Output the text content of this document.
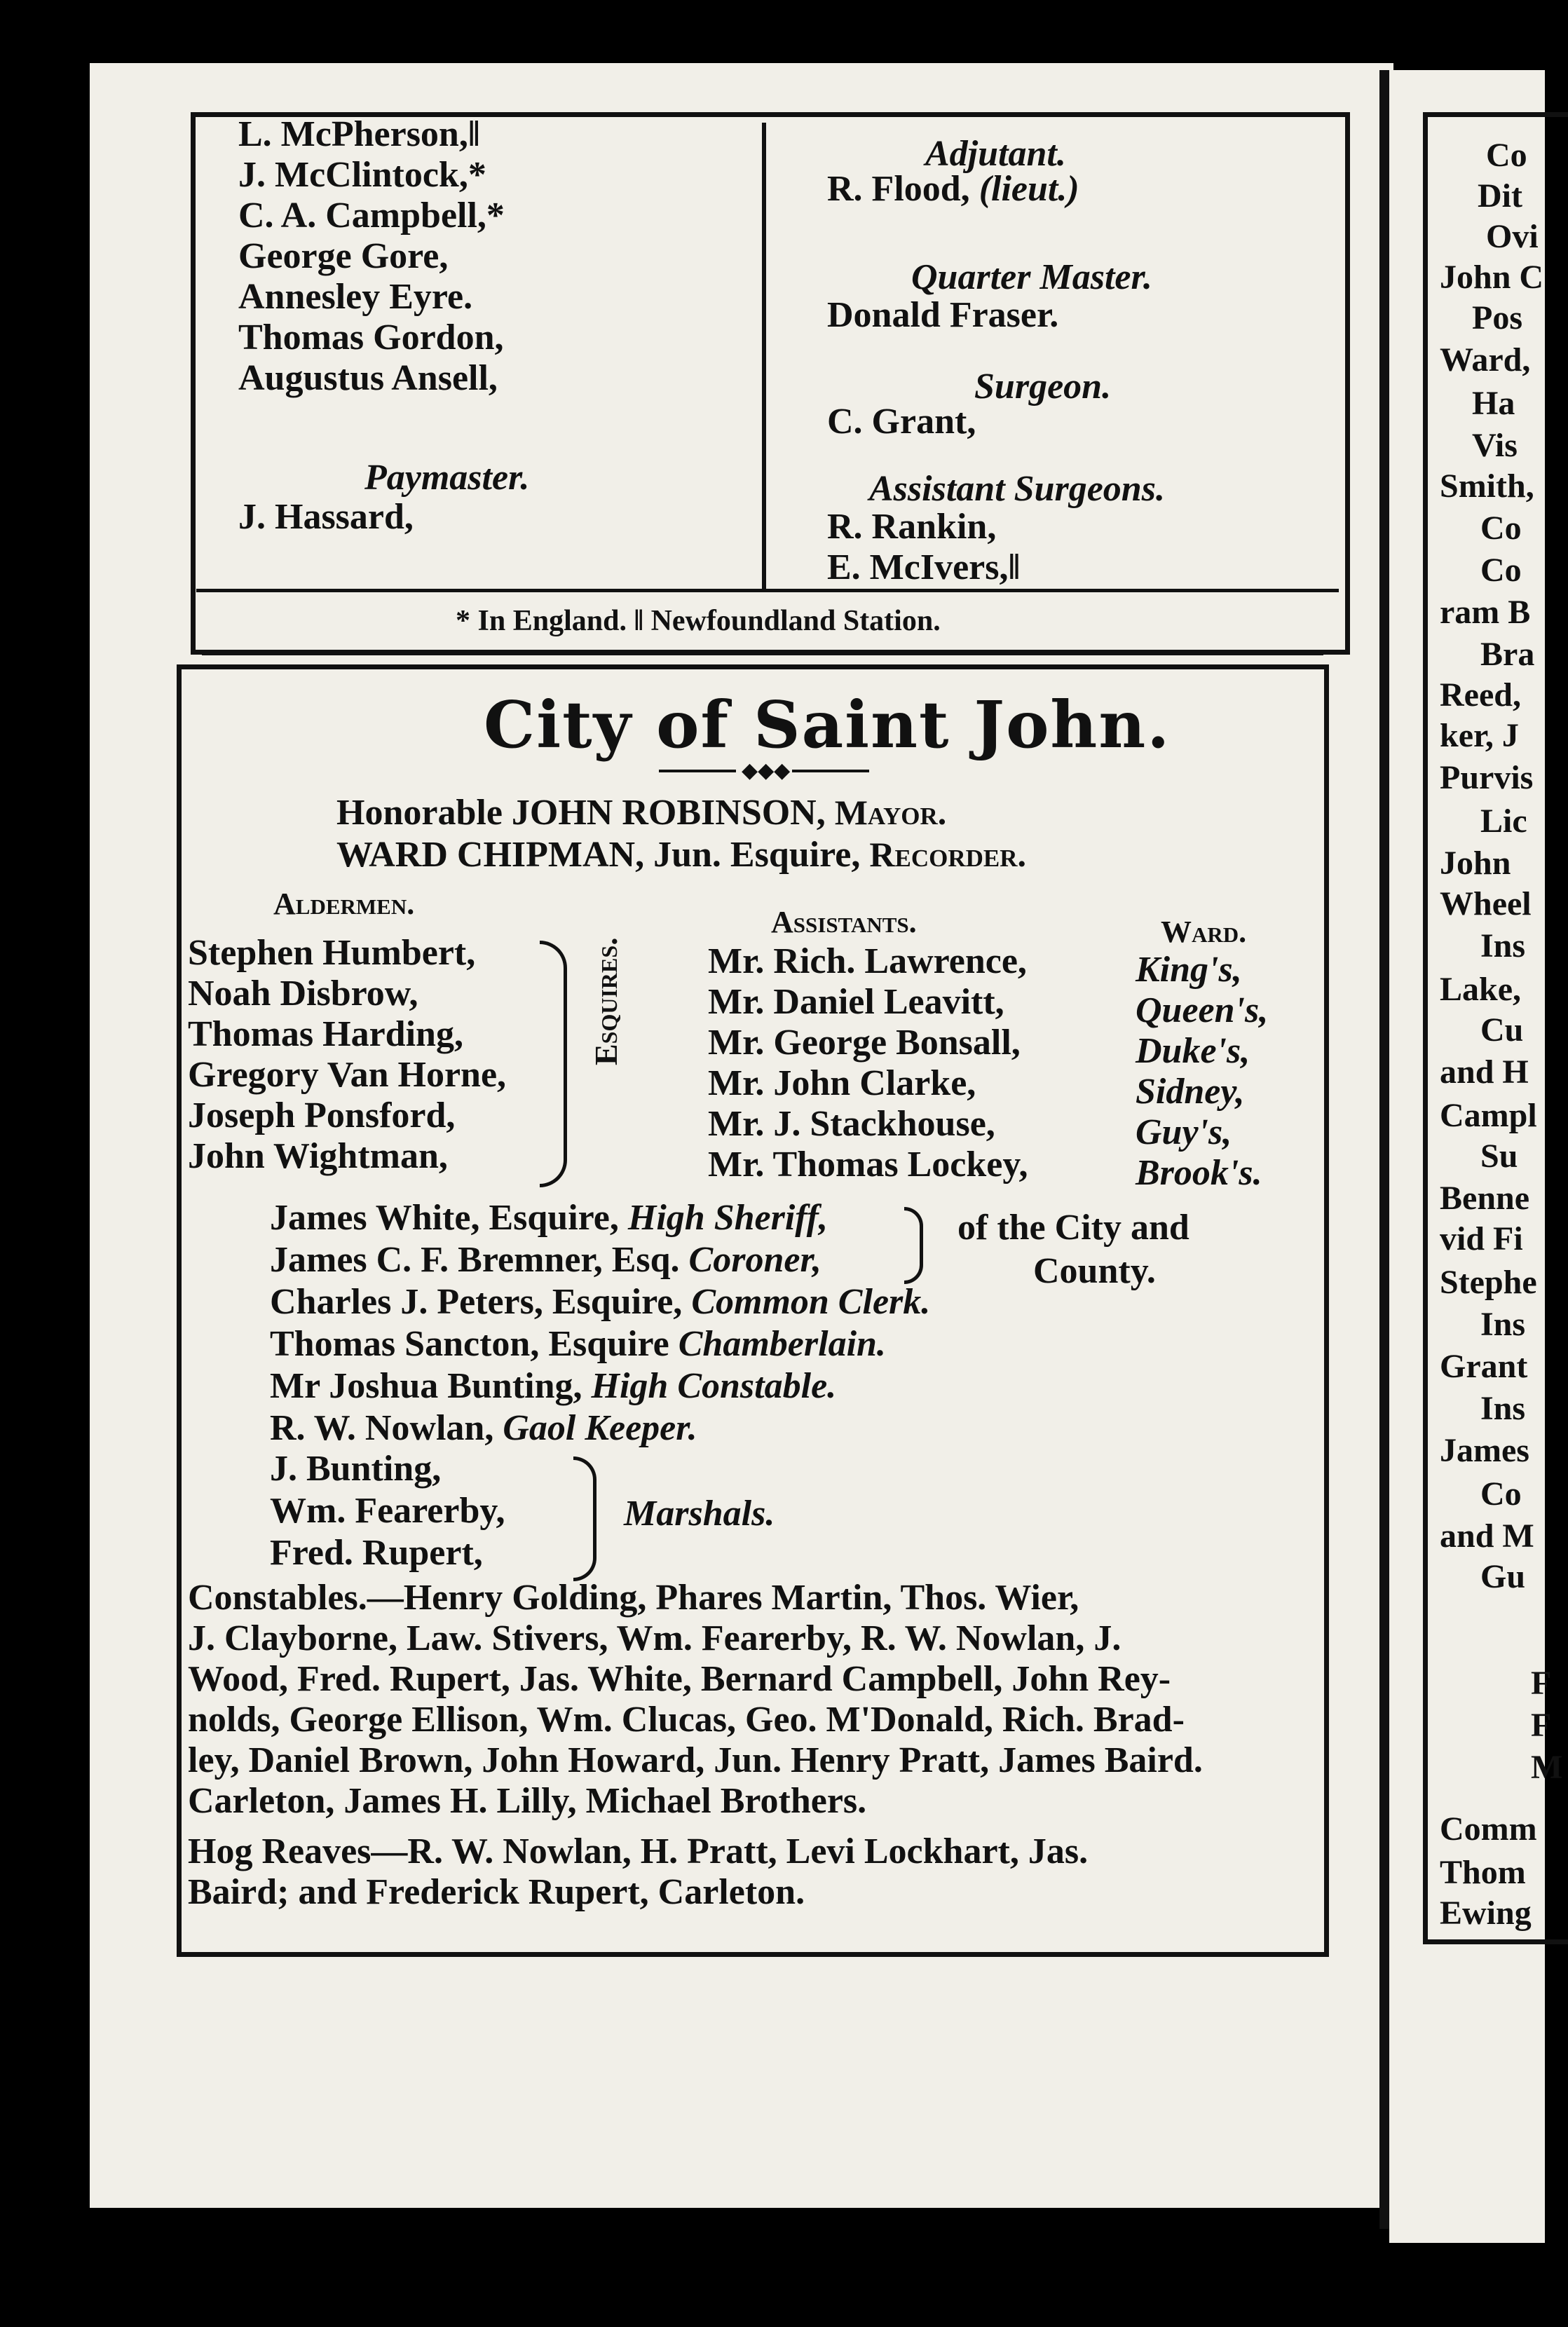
L. McPherson,‖
J. McClintock,*
C. A. Campbell,*
George Gore,
Annesley Eyre.
Thomas Gordon,
Augustus Ansell,
Paymaster.
J. Hassard,
Adjutant.
R. Flood, (lieut.)
Quarter Master.
Donald Fraser.
Surgeon.
C. Grant,
Assistant Surgeons.
R. Rankin,
E. McIvers,‖
* In England. ‖ Newfoundland Station.
City of Saint John.
◆◆◆
Honorable JOHN ROBINSON, Mayor.
WARD CHIPMAN, Jun. Esquire, Recorder.
Aldermen.
Assistants.	Ward.
Stephen Humbert,
Noah Disbrow,
Thomas Harding,
Gregory Van Horne,
Joseph Ponsford,
John Wightman,
Mr. Rich. Lawrence,
Mr. Daniel Leavitt,
Mr. George Bonsall,
Mr. John Clarke,
Mr. J. Stackhouse,
Mr. Thomas Lockey,
King's,
Queen's,
Duke's,
Sidney,
Guy's,
Brook's.
Esquires.
James White, Esquire, High Sheriff,
James C. F. Bremner, Esq. Coroner,
of the City and
County.
Charles J. Peters, Esquire, Common Clerk.
Thomas Sancton, Esquire Chamberlain.
Mr Joshua Bunting, High Constable.
R. W. Nowlan, Gaol Keeper.
J. Bunting,
Wm. Fearerby,
Fred. Rupert,
Marshals.
Constables.—Henry Golding, Phares Martin, Thos. Wier,
J. Clayborne, Law. Stivers, Wm. Fearerby, R. W. Nowlan, J.
Wood, Fred. Rupert, Jas. White, Bernard Campbell, John Rey-
nolds, George Ellison, Wm. Clucas, Geo. M'Donald, Rich. Brad-
ley, Daniel Brown, John Howard, Jun. Henry Pratt, James Baird.
Carleton, James H. Lilly, Michael Brothers.
Hog Reaves—R. W. Nowlan, H. Pratt, Levi Lockhart, Jas.
Baird; and Frederick Rupert, Carleton.
Co
Dit
Ovi
John C
Pos
Ward,
Ha
Vis
Smith,
Co
Co
ram B
Bra
Reed,
ker, J
Purvis
Lic
John
Wheel
Ins
Lake,
Cu
and H
Campl
Su
Benne
vid Fi
Stephe
Ins
Grant
Ins
James
Co
and M
Gu
F
F
M
Comm
Thom
Ewing
